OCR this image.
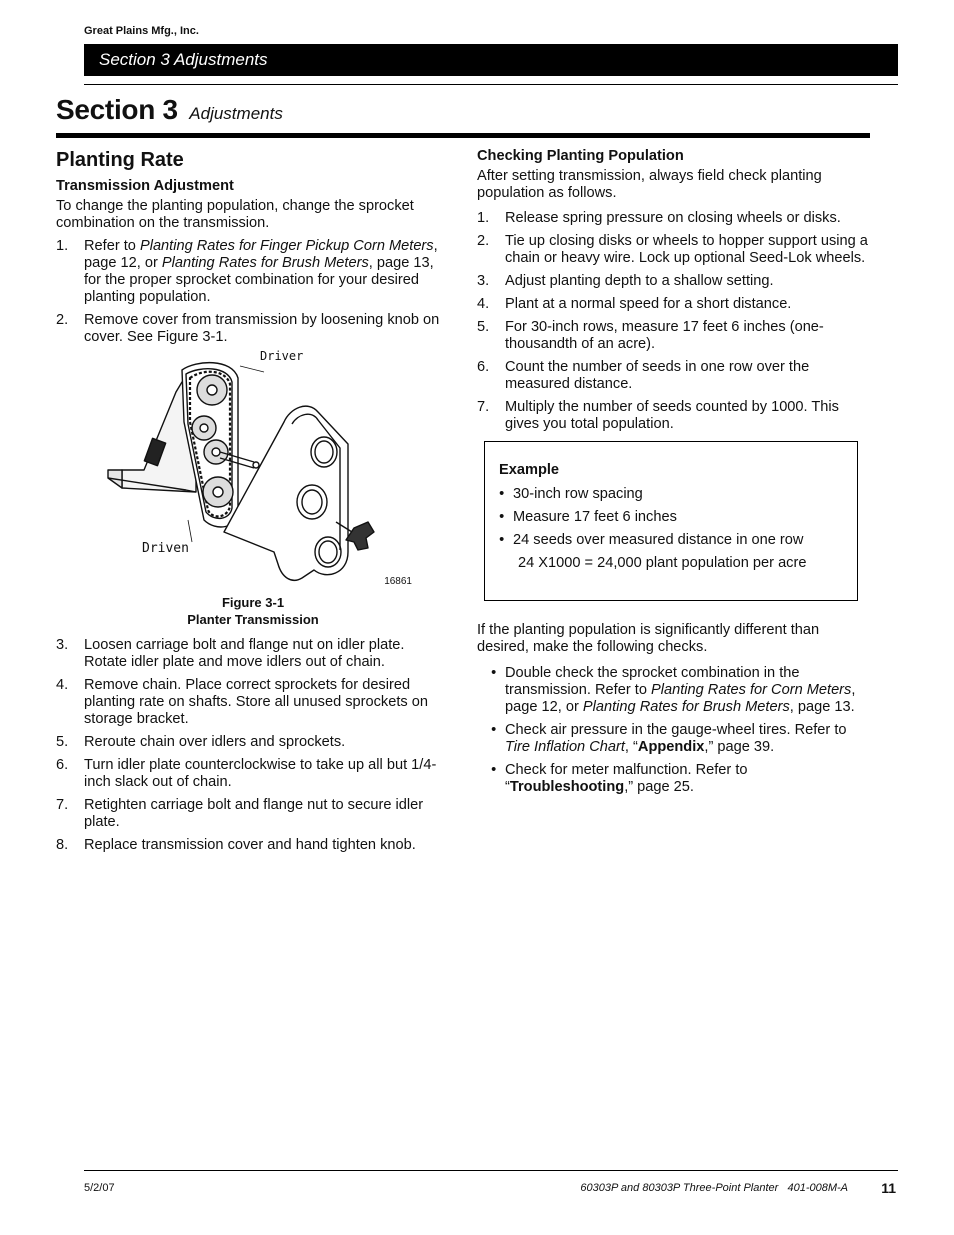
Great Plains Mfg., Inc.
Section 3 Adjustments
Section 3 Adjustments
Planting Rate
Transmission Adjustment

To change the planting population, change the sprocket combination on the transmission.

1.	Refer to Planting Rates for Finger Pickup Corn Meters, page 12, or Planting Rates for Brush Meters, page 13, for the proper sprocket combination for your desired planting population.
2.	Remove cover from transmission by loosening knob on cover. See Figure 3-1.
Driver
Driven
16861
Figure 3-1
Planter Transmission
3.	Loosen carriage bolt and flange nut on idler plate. Rotate idler plate and move idlers out of chain.
4.	Remove chain. Place correct sprockets for desired planting rate on shafts. Store all unused sprockets on storage bracket.
5.	Reroute chain over idlers and sprockets.
6.	Turn idler plate counterclockwise to take up all but 1/4-inch slack out of chain.
7.	Retighten carriage bolt and flange nut to secure idler plate.
8.	Replace transmission cover and hand tighten knob.
Checking Planting Population

After setting transmission, always field check planting population as follows.

1.	Release spring pressure on closing wheels or disks.
2.	Tie up closing disks or wheels to hopper support using a chain or heavy wire. Lock up optional Seed-Lok wheels.
3.	Adjust planting depth to a shallow setting.
4.	Plant at a normal speed for a short distance.
5.	For 30-inch rows, measure 17 feet 6 inches (one-thousandth of an acre).
6.	Count the number of seeds in one row over the measured distance.
7.	Multiply the number of seeds counted by 1000. This gives you total population.
Example
• 30-inch row spacing
• Measure 17 feet 6 inches
• 24 seeds over measured distance in one row
24 X1000 = 24,000 plant population per acre

If the planting population is significantly different than desired, make the following checks.

• Double check the sprocket combination in the transmission. Refer to Planting Rates for Corn Meters, page 12, or Planting Rates for Brush Meters, page 13.
• Check air pressure in the gauge-wheel tires. Refer to Tire Inflation Chart, “Appendix,” page 39.
• Check for meter malfunction. Refer to “Troubleshooting,” page 25.
5/2/07	60303P and 80303P Three-Point Planter   401-008M-A 11
